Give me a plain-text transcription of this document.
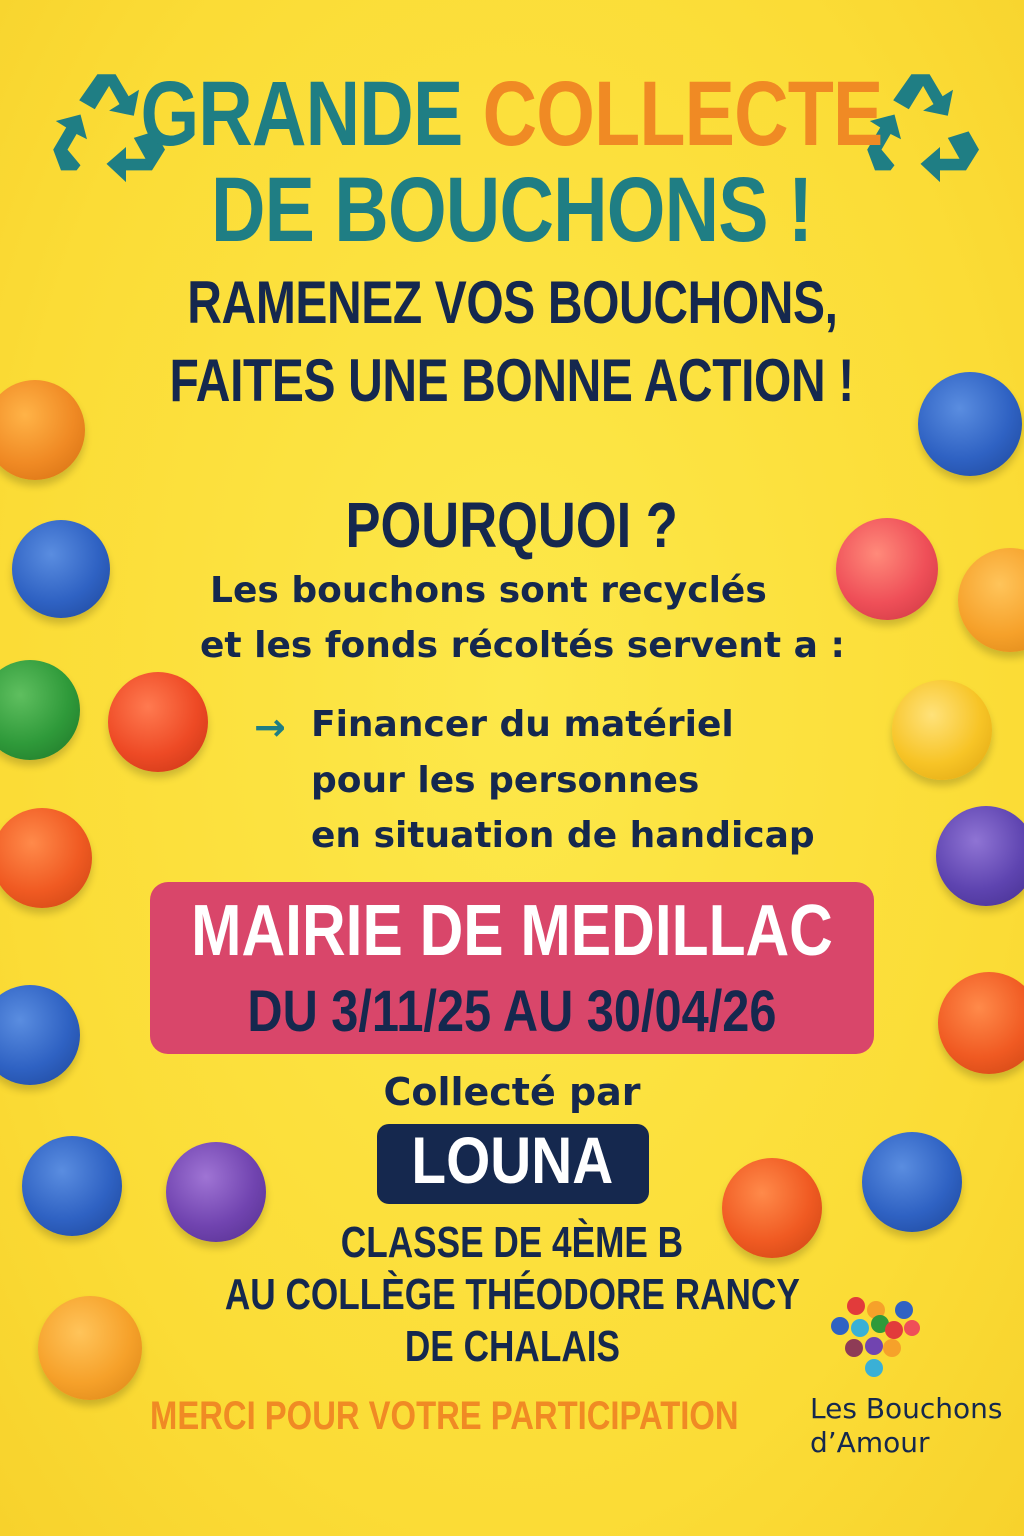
GRANDE COLLECTE
DE BOUCHONS !
RAMENEZ VOS BOUCHONS,
FAITES UNE BONNE ACTION !
POURQUOI ?
Les bouchons sont recyclés
et les fonds récoltés servent a :
→ Financer du matériel
pour les personnes
en situation de handicap
MAIRIE DE MEDILLAC
DU 3/11/25 AU 30/04/26
Collecté par
LOUNA
CLASSE DE 4ÈME B
AU COLLÈGE THÉODORE RANCY
DE CHALAIS
MERCI POUR VOTRE PARTICIPATION	Les Bouchons
d’Amour
